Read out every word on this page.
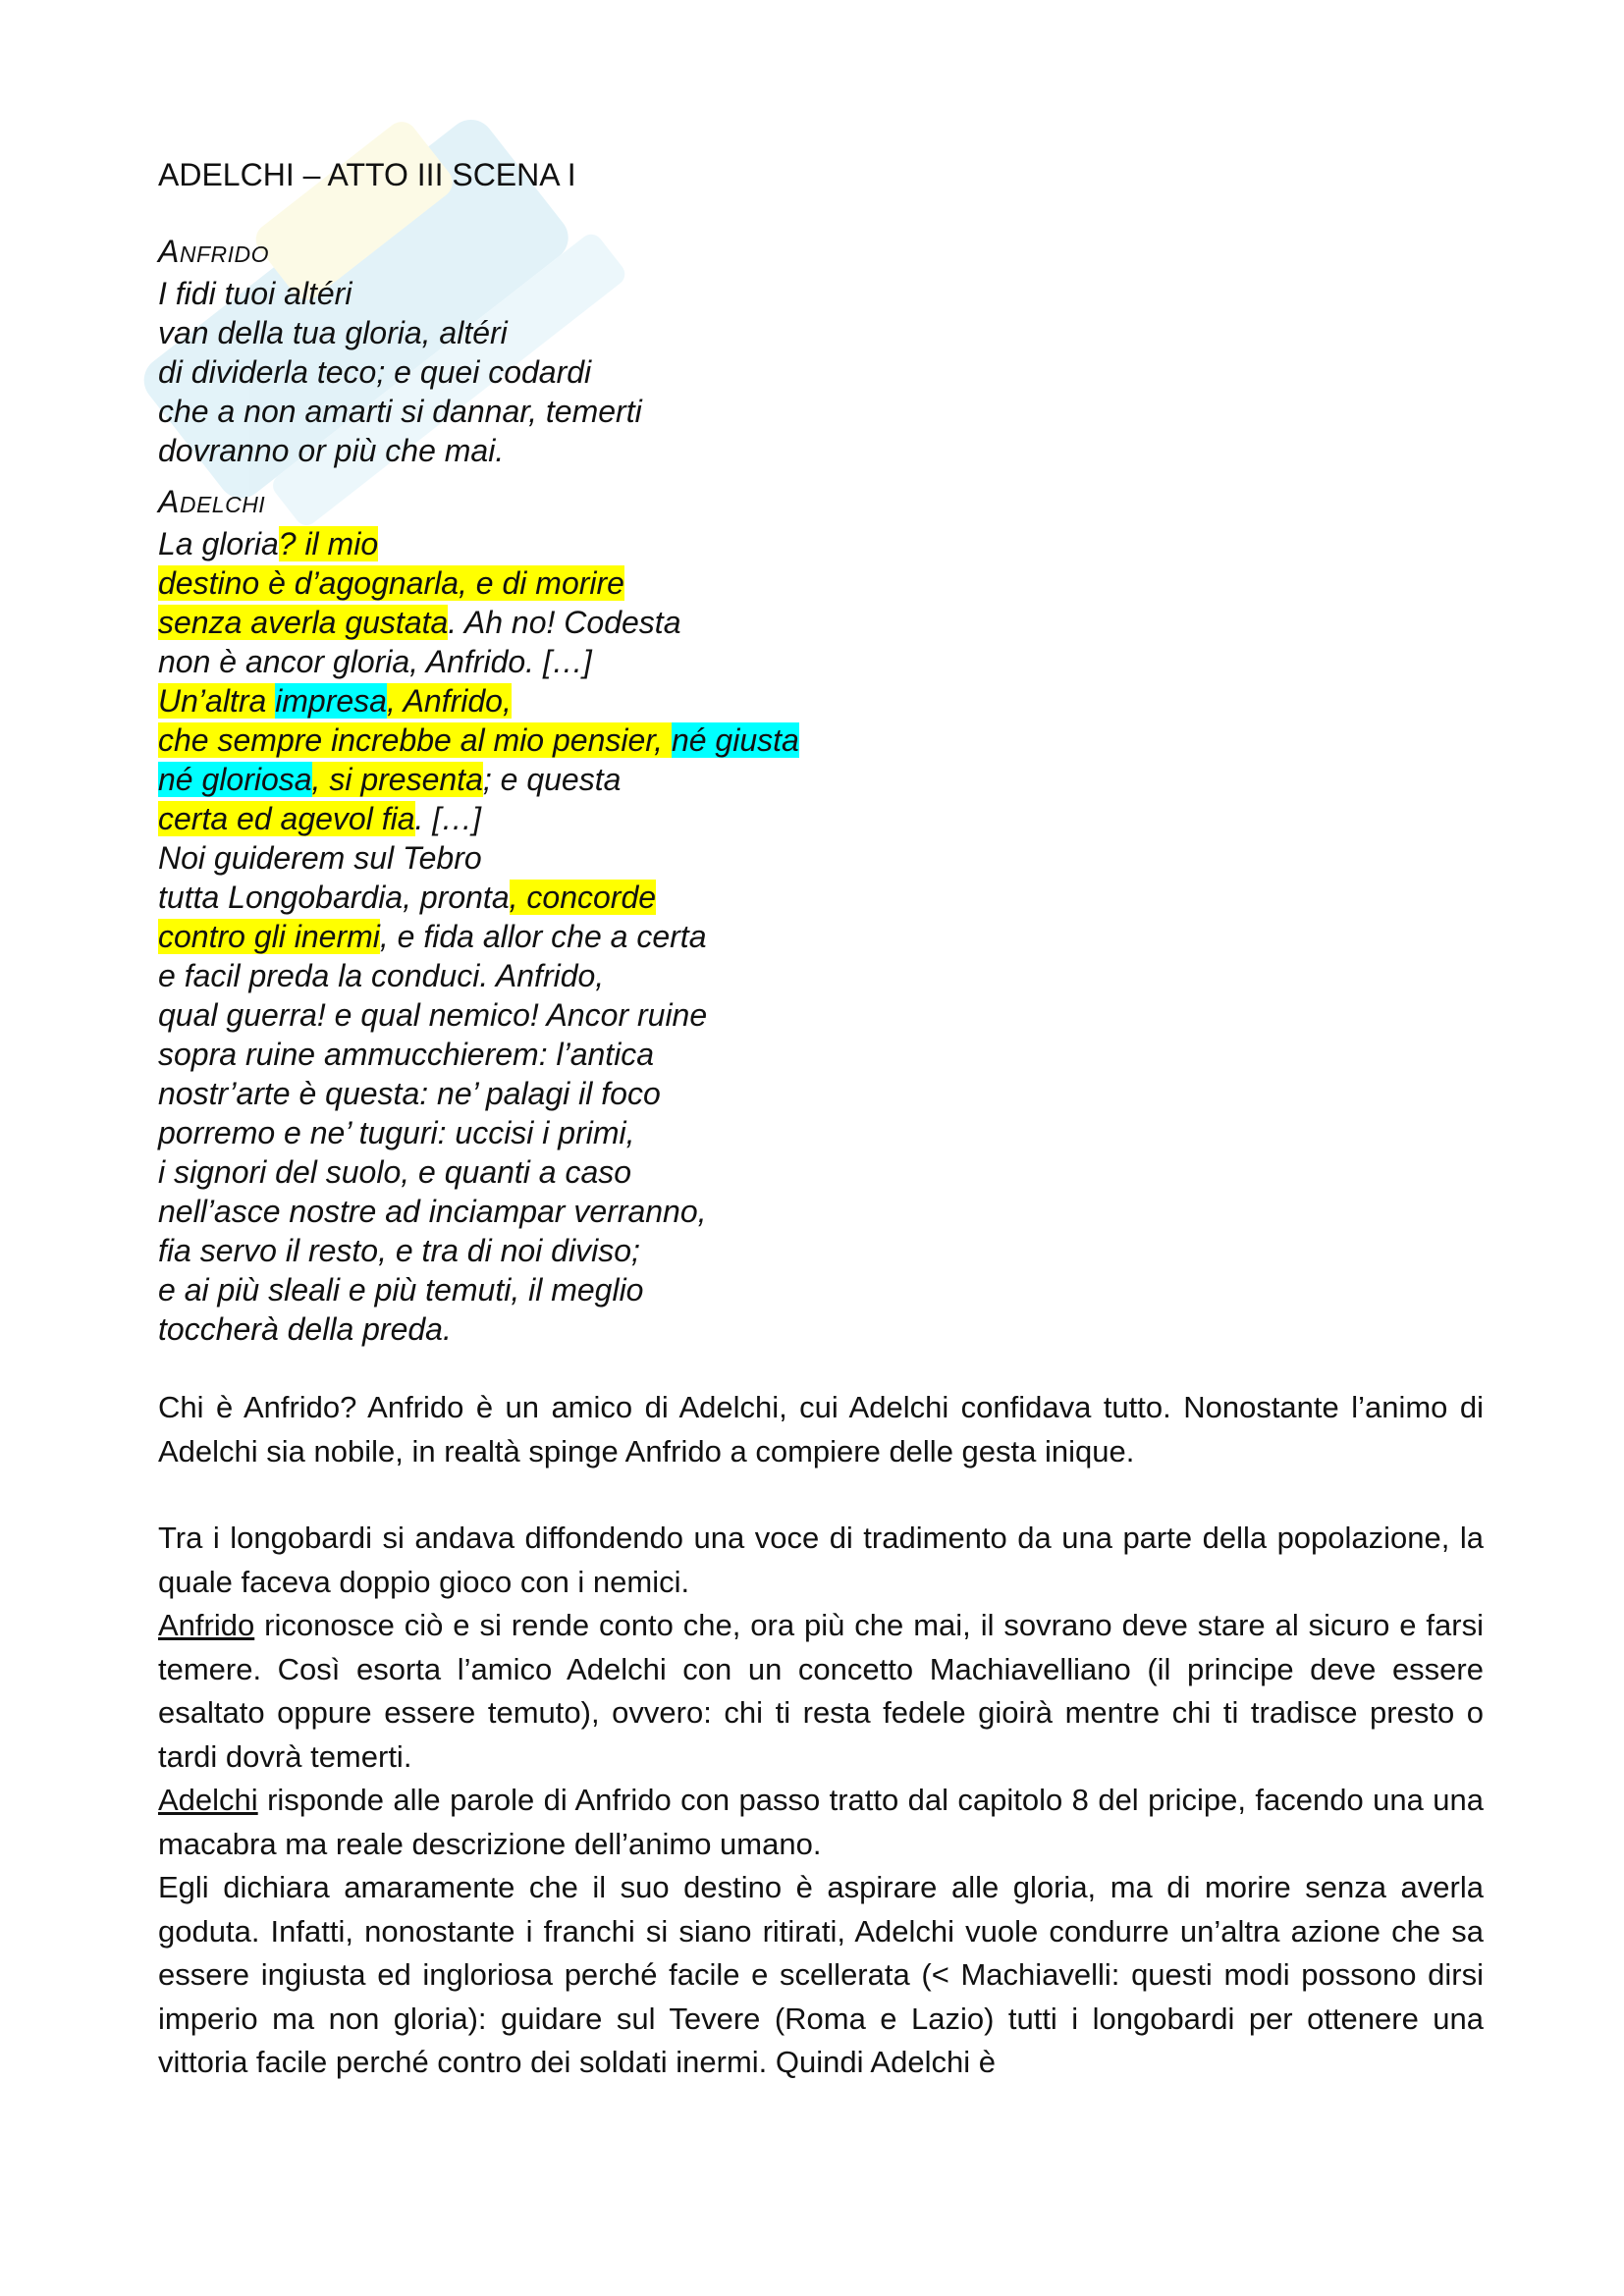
ADELCHI – ATTO III SCENA I
ANFRIDO
I fidi tuoi altéri
van della tua gloria, altéri
di dividerla teco; e quei codardi
che a non amarti si dannar, temerti
dovranno or più che mai.
ADELCHI
La gloria? il mio
destino è d’agognarla, e di morire
senza averla gustata. Ah no! Codesta
non è ancor gloria, Anfrido. […]
Un’altra impresa, Anfrido,
che sempre increbbe al mio pensier, né giusta
né gloriosa, si presenta; e questa
certa ed agevol fia. […]
Noi guiderem sul Tebro
tutta Longobardia, pronta, concorde
contro gli inermi, e fida allor che a certa
e facil preda la conduci. Anfrido,
qual guerra! e qual nemico! Ancor ruine
sopra ruine ammucchierem: l’antica
nostr’arte è questa: ne’ palagi il foco
porremo e ne’ tuguri: uccisi i primi,
i signori del suolo, e quanti a caso
nell’asce nostre ad inciampar verranno,
fia servo il resto, e tra di noi diviso;
e ai più sleali e più temuti, il meglio
toccherà della preda.

Chi è Anfrido? Anfrido è un amico di Adelchi, cui Adelchi confidava tutto. Nonostante l’animo di Adelchi sia nobile, in realtà spinge Anfrido a compiere delle gesta inique.

Tra i longobardi si andava diffondendo una voce di tradimento da una parte della popolazione, la quale faceva doppio gioco con i nemici.

Anfrido riconosce ciò e si rende conto che, ora più che mai, il sovrano deve stare al sicuro e farsi temere. Così esorta l’amico Adelchi con un concetto Machiavelliano (il principe deve essere esaltato oppure essere temuto), ovvero: chi ti resta fedele gioirà mentre chi ti tradisce presto o tardi dovrà temerti.

Adelchi risponde alle parole di Anfrido con passo tratto dal capitolo 8 del pricipe, facendo una una macabra ma reale descrizione dell’animo umano.

Egli dichiara amaramente che il suo destino è aspirare alle gloria, ma di morire senza averla goduta. Infatti, nonostante i franchi si siano ritirati, Adelchi vuole condurre un’altra azione che sa essere ingiusta ed ingloriosa perché facile e scellerata (< Machiavelli: questi modi possono dirsi imperio ma non gloria): guidare sul Tevere (Roma e Lazio) tutti i longobardi per ottenere una vittoria facile perché contro dei soldati inermi. Quindi Adelchi è
